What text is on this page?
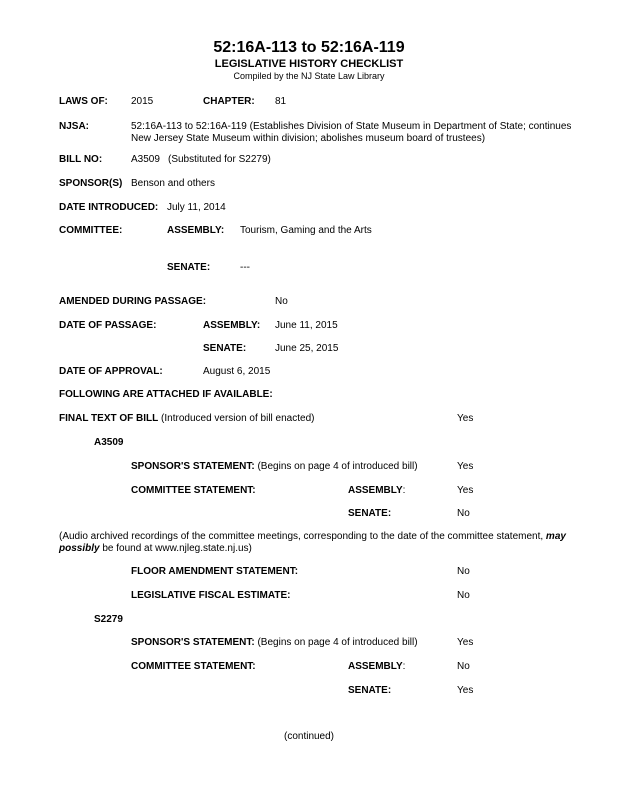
52:16A-113 to 52:16A-119
LEGISLATIVE HISTORY CHECKLIST
Compiled by the NJ State Law Library
LAWS OF: 2015	CHAPTER: 81
NJSA:	52:16A-113 to 52:16A-119 (Establishes Division of State Museum in Department of State; continues New Jersey State Museum within division; abolishes museum board of trustees)
BILL NO:	A3509 (Substituted for S2279)
SPONSOR(S) Benson and others
DATE INTRODUCED: July 11, 2014
COMMITTEE:	ASSEMBLY: Tourism, Gaming and the Arts
SENATE:	---
AMENDED DURING PASSAGE:	No
DATE OF PASSAGE:	ASSEMBLY: June 11, 2015
SENATE:	June 25, 2015
DATE OF APPROVAL:	August 6, 2015
FOLLOWING ARE ATTACHED IF AVAILABLE:
FINAL TEXT OF BILL (Introduced version of bill enacted)	Yes
A3509
SPONSOR'S STATEMENT: (Begins on page 4 of introduced bill)	Yes
COMMITTEE STATEMENT:	ASSEMBLY:	Yes
SENATE:	No
(Audio archived recordings of the committee meetings, corresponding to the date of the committee statement, may possibly be found at www.njleg.state.nj.us)
FLOOR AMENDMENT STATEMENT:	No
LEGISLATIVE FISCAL ESTIMATE:	No
S2279
SPONSOR'S STATEMENT: (Begins on page 4 of introduced bill)	Yes
COMMITTEE STATEMENT:	ASSEMBLY:	No
SENATE:	Yes
(continued)
